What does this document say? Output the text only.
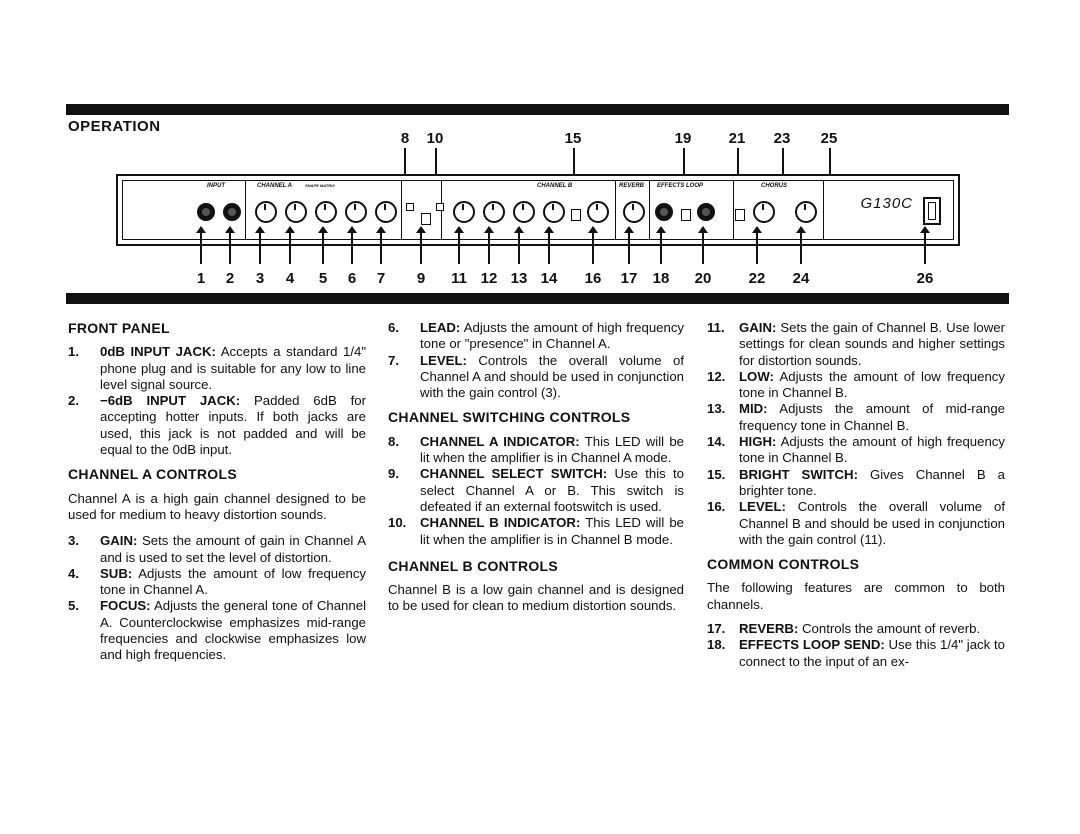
OPERATION
8	10	15	19	21	23	25
INPUT	CHANNEL A	SHAPE MATRIX	CHANNEL B	REVERB EFFECTS LOOP	CHORUS
G130C
1	2	3	4	5	6	7	9	11 12 13 14	16	17	18	20	22	24	26
FRONT PANEL
1. 0dB INPUT JACK: Accepts a standard 1/4" phone plug and is suitable for any low to line level signal source.
2. −6dB INPUT JACK: Padded 6dB for accepting hotter inputs. If both jacks are used, this jack is not padded and will be equal to the 0dB input.
CHANNEL A CONTROLS

Channel A is a high gain channel designed to be used for medium to heavy distortion sounds.

3. GAIN: Sets the amount of gain in Channel A and is used to set the level of distortion.
4. SUB: Adjusts the amount of low frequency tone in Channel A.
5. FOCUS: Adjusts the general tone of Channel A. Counterclockwise emphasizes mid-range frequencies and clockwise emphasizes low and high frequencies.
6. LEAD: Adjusts the amount of high frequency tone or "presence" in Channel A.
7. LEVEL: Controls the overall volume of Channel A and should be used in conjunction with the gain control (3).
CHANNEL SWITCHING CONTROLS
8. CHANNEL A INDICATOR: This LED will be lit when the amplifier is in Channel A mode.
9. CHANNEL SELECT SWITCH: Use this to select Channel A or B. This switch is defeated if an external footswitch is used.
10. CHANNEL B INDICATOR: This LED will be lit when the amplifier is in Channel B mode.
CHANNEL B CONTROLS

Channel B is a low gain channel and is designed to be used for clean to medium distortion sounds.

11. GAIN: Sets the gain of Channel B. Use lower settings for clean sounds and higher settings for distortion sounds.
12. LOW: Adjusts the amount of low frequency tone in Channel B.
13. MID: Adjusts the amount of mid-range frequency tone in Channel B.
14. HIGH: Adjusts the amount of high frequency tone in Channel B.
15. BRIGHT SWITCH: Gives Channel B a brighter tone.
16. LEVEL: Controls the overall volume of Channel B and should be used in conjunction with the gain control (11).
COMMON CONTROLS

The following features are common to both channels.

17. REVERB: Controls the amount of reverb.
18. EFFECTS LOOP SEND: Use this 1/4" jack to connect to the input of an ex-
